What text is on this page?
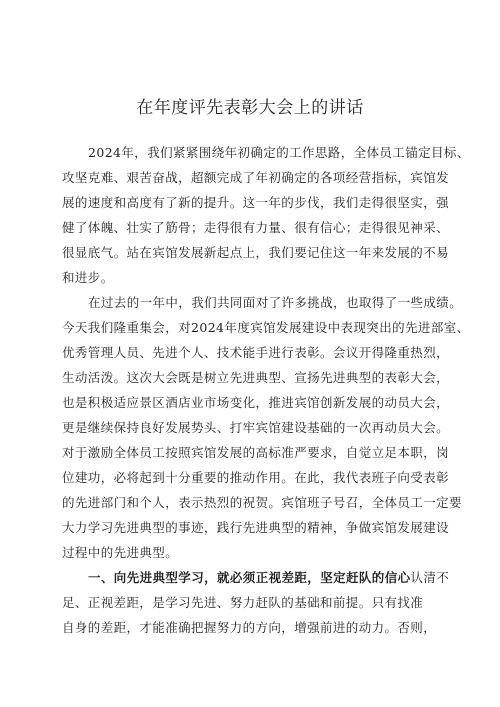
在年度评先表彰大会上的讲话
2024年，我们紧紧围绕年初确定的工作思路，全体员工锚定目标、
攻坚克难、艰苦奋战，超额完成了年初确定的各项经营指标，宾馆发
展的速度和高度有了新的提升。这一年的步伐，我们走得很坚实，强
健了体魄、壮实了筋骨；走得很有力量、很有信心；走得很见神采、
很显底气。站在宾馆发展新起点上，我们要记住这一年来发展的不易
和进步。
在过去的一年中，我们共同面对了许多挑战，也取得了一些成绩。
今天我们隆重集会，对2024年度宾馆发展建设中表现突出的先进部室、
优秀管理人员、先进个人、技术能手进行表彰。会议开得隆重热烈，
生动活泼。这次大会既是树立先进典型、宣扬先进典型的表彰大会，
也是积极适应景区酒店业市场变化，推进宾馆创新发展的动员大会，
更是继续保持良好发展势头、打牢宾馆建设基础的一次再动员大会。
对于激励全体员工按照宾馆发展的高标准严要求，自觉立足本职，岗
位建功，必将起到十分重要的推动作用。在此，我代表班子向受表彰
的先进部门和个人，表示热烈的祝贺。宾馆班子号召，全体员工一定要
大力学习先进典型的事迹，践行先进典型的精神，争做宾馆发展建设
过程中的先进典型。
一、向先进典型学习，就必须正视差距，坚定赶队的信心认清不
足、正视差距，是学习先进、努力赶队的基础和前提。只有找准
自身的差距，才能准确把握努力的方向，增强前进的动力。否则，
